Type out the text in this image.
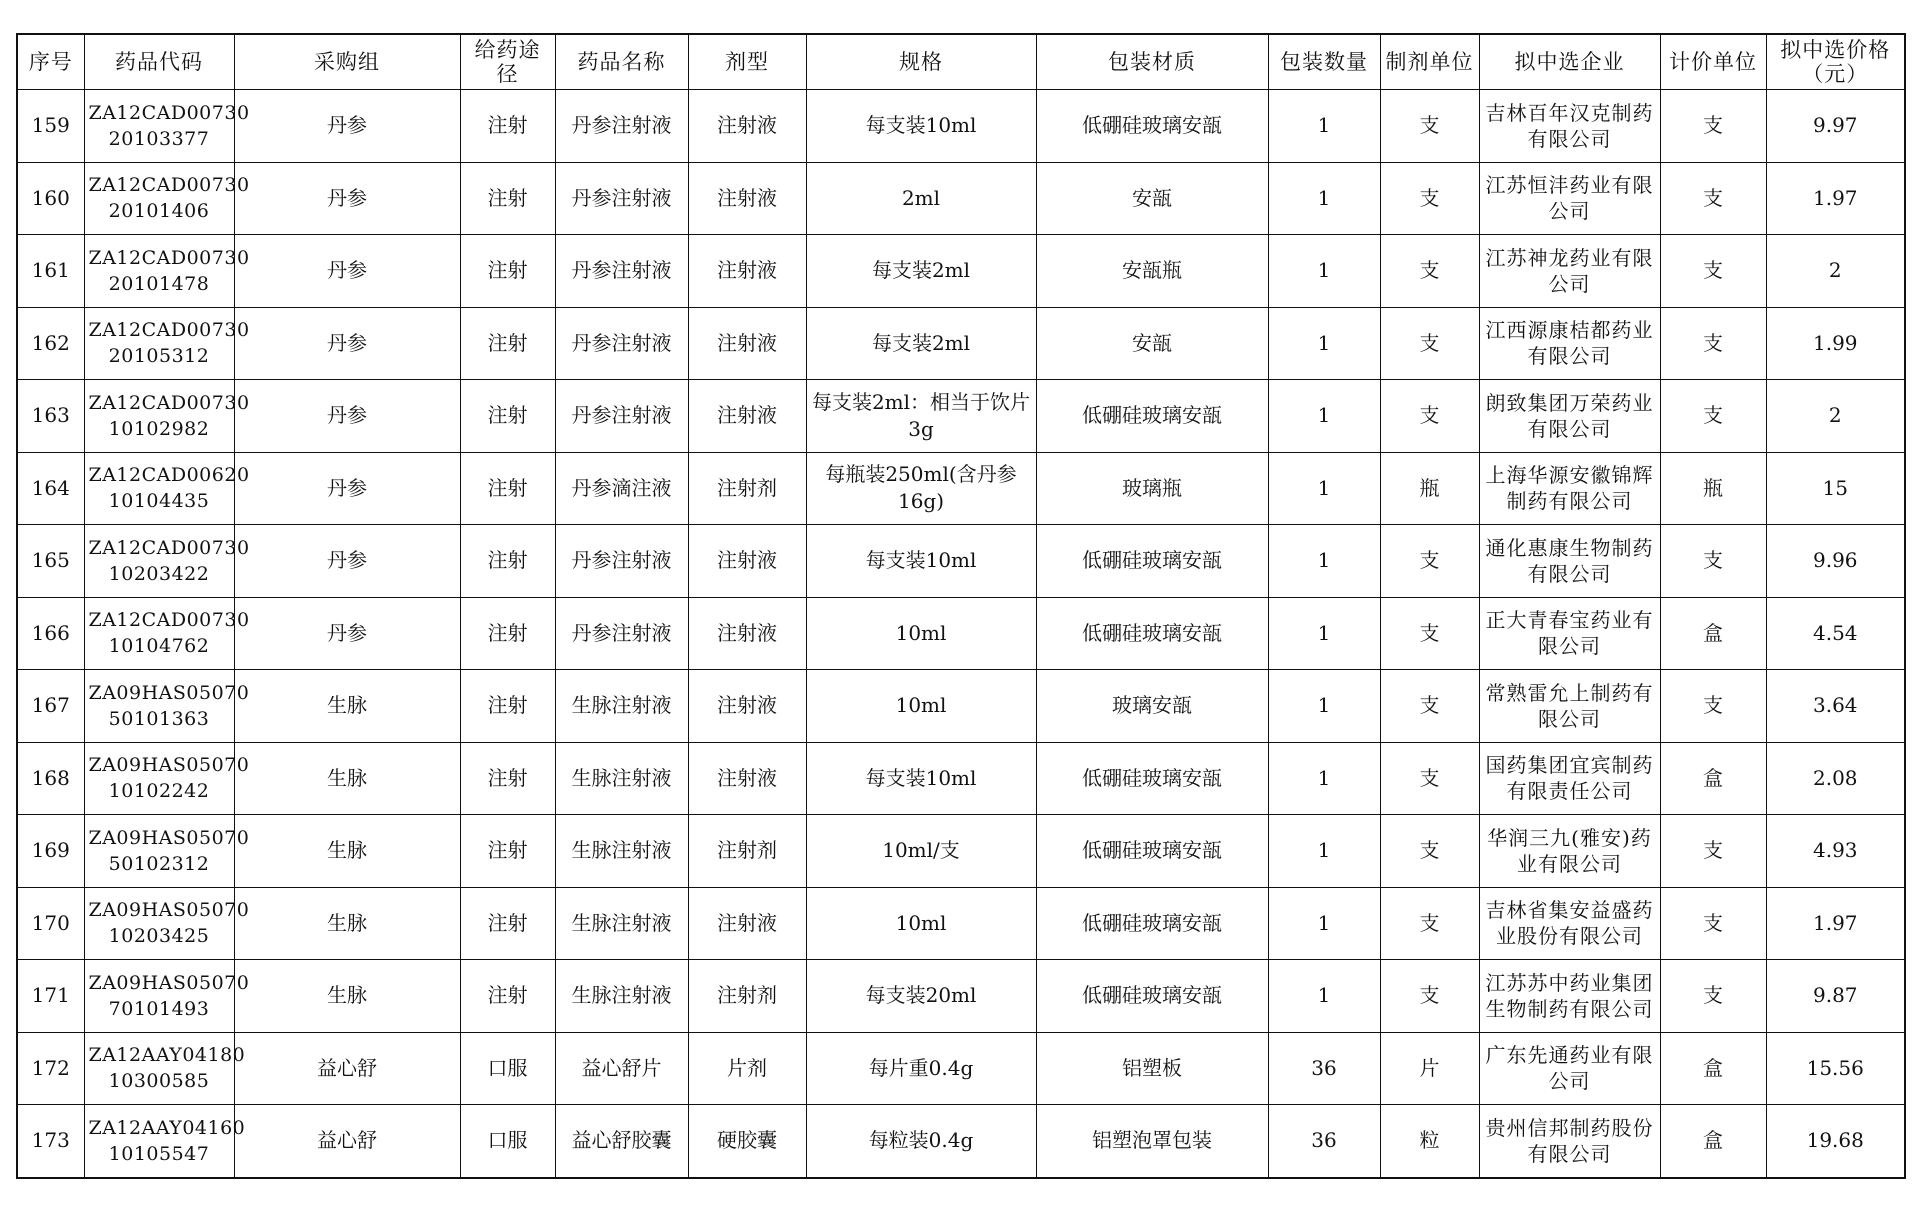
序号	药品代码	采购组	给药途径	药品名称	剂型	规格	包装材质	包装数量	制剂单位	拟中选企业	计价单位	拟中选价格（元）

159	ZA12CAD00730 20103377	丹参	注射	丹参注射液	注射液	每支装10ml	低硼硅玻璃安瓿	1	支	吉林百年汉克制药有限公司	支	9.97

160	ZA12CAD00730 20101406	丹参	注射	丹参注射液	注射液	2ml	安瓿	1	支	江苏恒沣药业有限公司	支	1.97

161	ZA12CAD00730 20101478	丹参	注射	丹参注射液	注射液	每支装2ml	安瓿瓶	1	支	江苏神龙药业有限公司	支	2

162	ZA12CAD00730 20105312	丹参	注射	丹参注射液	注射液	每支装2ml	安瓿	1	支	江西源康桔都药业有限公司	支	1.99

163	ZA12CAD00730 10102982	丹参	注射	丹参注射液	注射液	每支装2ml：相当于饮片3g	低硼硅玻璃安瓿	1	支	朗致集团万荣药业有限公司	支	2

164	ZA12CAD00620 10104435	丹参	注射	丹参滴注液	注射剂	每瓶装250ml(含丹参16g)	玻璃瓶	1	瓶	上海华源安徽锦辉制药有限公司	瓶	15

165	ZA12CAD00730 10203422	丹参	注射	丹参注射液	注射液	每支装10ml	低硼硅玻璃安瓿	1	支	通化惠康生物制药有限公司	支	9.96

166	ZA12CAD00730 10104762	丹参	注射	丹参注射液	注射液	10ml	低硼硅玻璃安瓿	1	支	正大青春宝药业有限公司	盒	4.54

167	ZA09HAS05070 50101363	生脉	注射	生脉注射液	注射液	10ml	玻璃安瓿	1	支	常熟雷允上制药有限公司	支	3.64

168	ZA09HAS05070 10102242	生脉	注射	生脉注射液	注射液	每支装10ml	低硼硅玻璃安瓿	1	支	国药集团宜宾制药有限责任公司	盒	2.08

169	ZA09HAS05070 50102312	生脉	注射	生脉注射液	注射剂	10ml/支	低硼硅玻璃安瓿	1	支	华润三九(雅安)药业有限公司	支	4.93

170	ZA09HAS05070 10203425	生脉	注射	生脉注射液	注射液	10ml	低硼硅玻璃安瓿	1	支	吉林省集安益盛药业股份有限公司	支	1.97

171	ZA09HAS05070 70101493	生脉	注射	生脉注射液	注射剂	每支装20ml	低硼硅玻璃安瓿	1	支	江苏苏中药业集团生物制药有限公司	支	9.87

172	ZA12AAY04180 10300585	益心舒	口服	益心舒片	片剂	每片重0.4g	铝塑板	36	片	广东先通药业有限公司	盒	15.56

173	ZA12AAY04160 10105547	益心舒	口服	益心舒胶囊	硬胶囊	每粒装0.4g	铝塑泡罩包装	36	粒	贵州信邦制药股份有限公司	盒	19.68
